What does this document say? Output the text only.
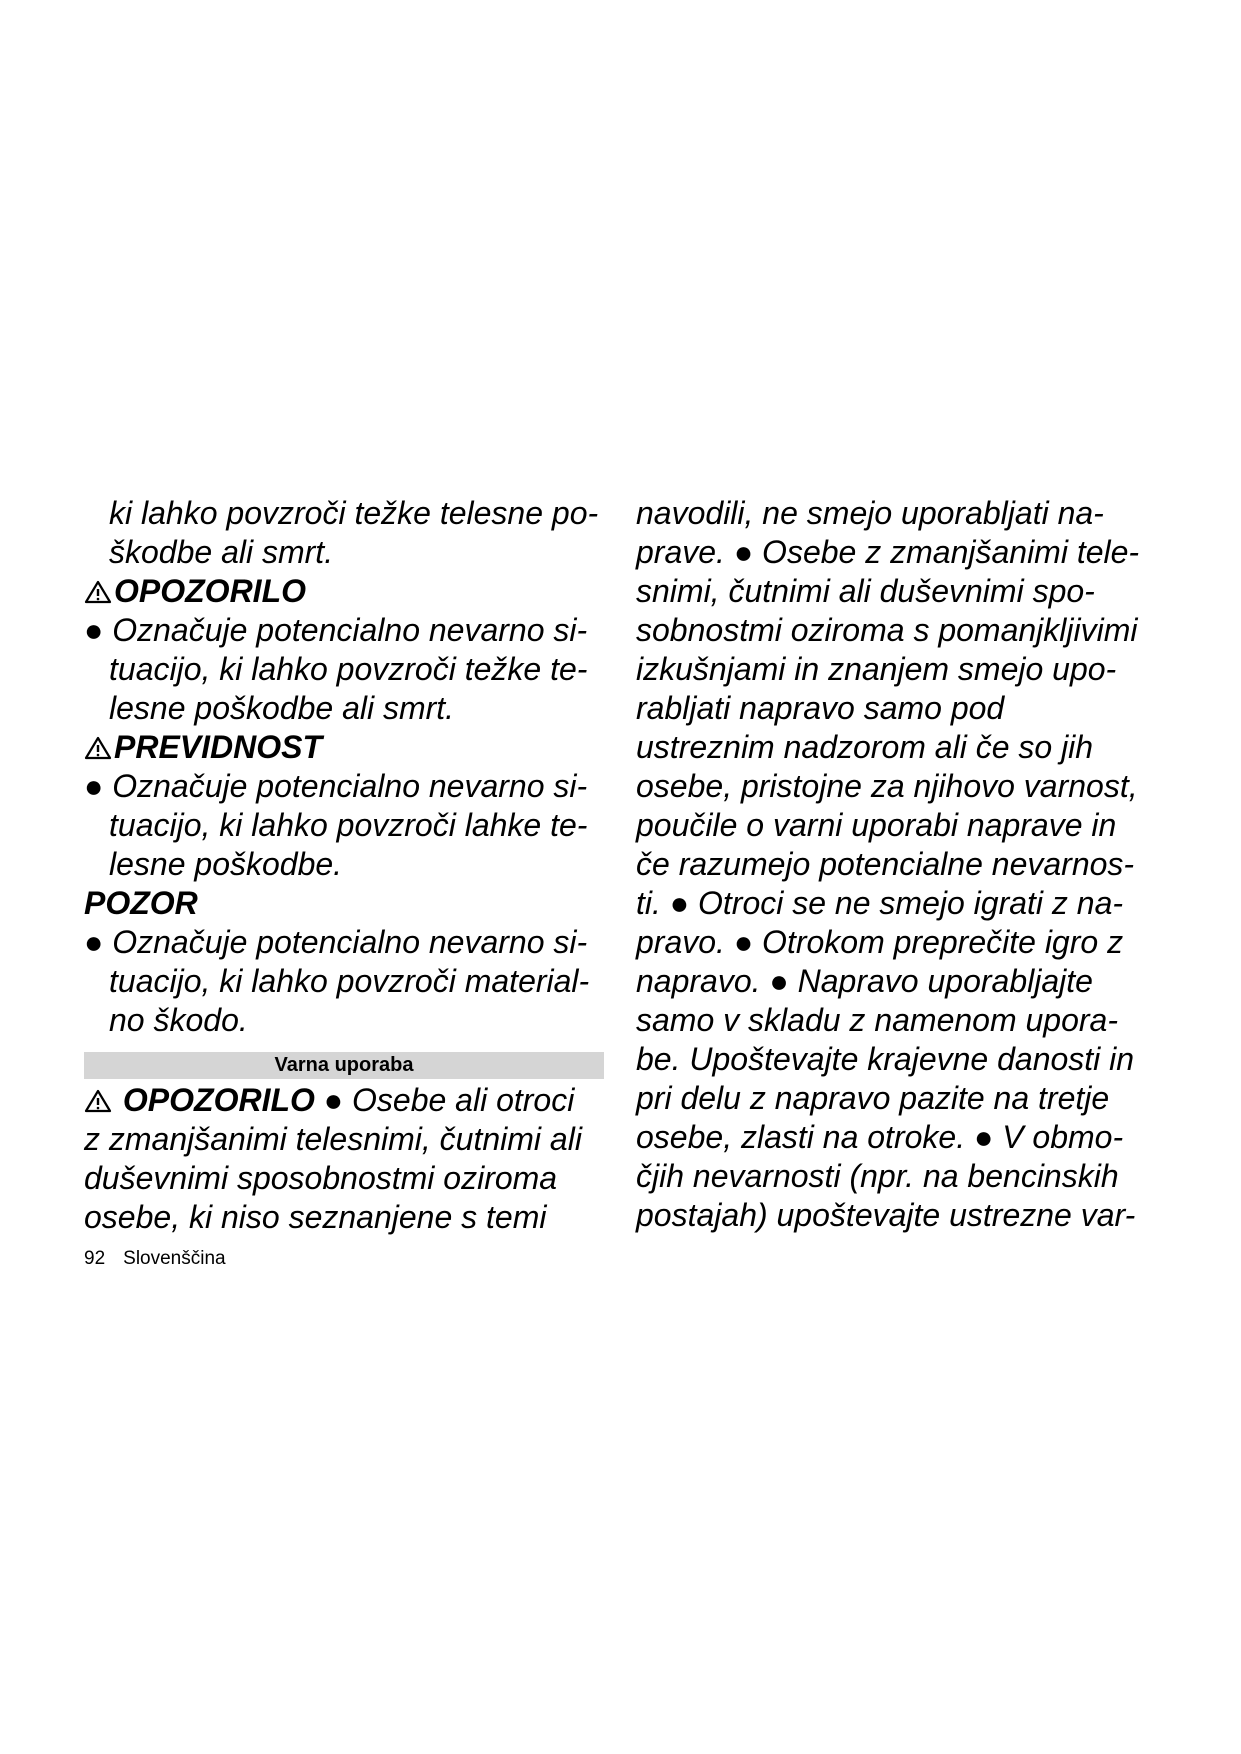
ki lahko povzroči težke telesne po-
škodbe ali smrt.
OPOZORILO
● Označuje potencialno nevarno si-
tuacijo, ki lahko povzroči težke te-
lesne poškodbe ali smrt.
PREVIDNOST
● Označuje potencialno nevarno si-
tuacijo, ki lahko povzroči lahke te-
lesne poškodbe.
POZOR
● Označuje potencialno nevarno si-
tuacijo, ki lahko povzroči material-
no škodo.
Varna uporaba
OPOZORILO ● Osebe ali otroci
z zmanjšanimi telesnimi, čutnimi ali
duševnimi sposobnostmi oziroma
osebe, ki niso seznanjene s temi
navodili, ne smejo uporabljati na-
prave. ● Osebe z zmanjšanimi tele-
snimi, čutnimi ali duševnimi spo-
sobnostmi oziroma s pomanjkljivimi
izkušnjami in znanjem smejo upo-
rabljati napravo samo pod
ustreznim nadzorom ali če so jih
osebe, pristojne za njihovo varnost,
poučile o varni uporabi naprave in
če razumejo potencialne nevarnos-
ti. ● Otroci se ne smejo igrati z na-
pravo. ● Otrokom preprečite igro z
napravo. ● Napravo uporabljajte
samo v skladu z namenom upora-
be. Upoštevajte krajevne danosti in
pri delu z napravo pazite na tretje
osebe, zlasti na otroke. ● V obmo-
čjih nevarnosti (npr. na bencinskih
postajah) upoštevajte ustrezne var-
92 Slovenščina
